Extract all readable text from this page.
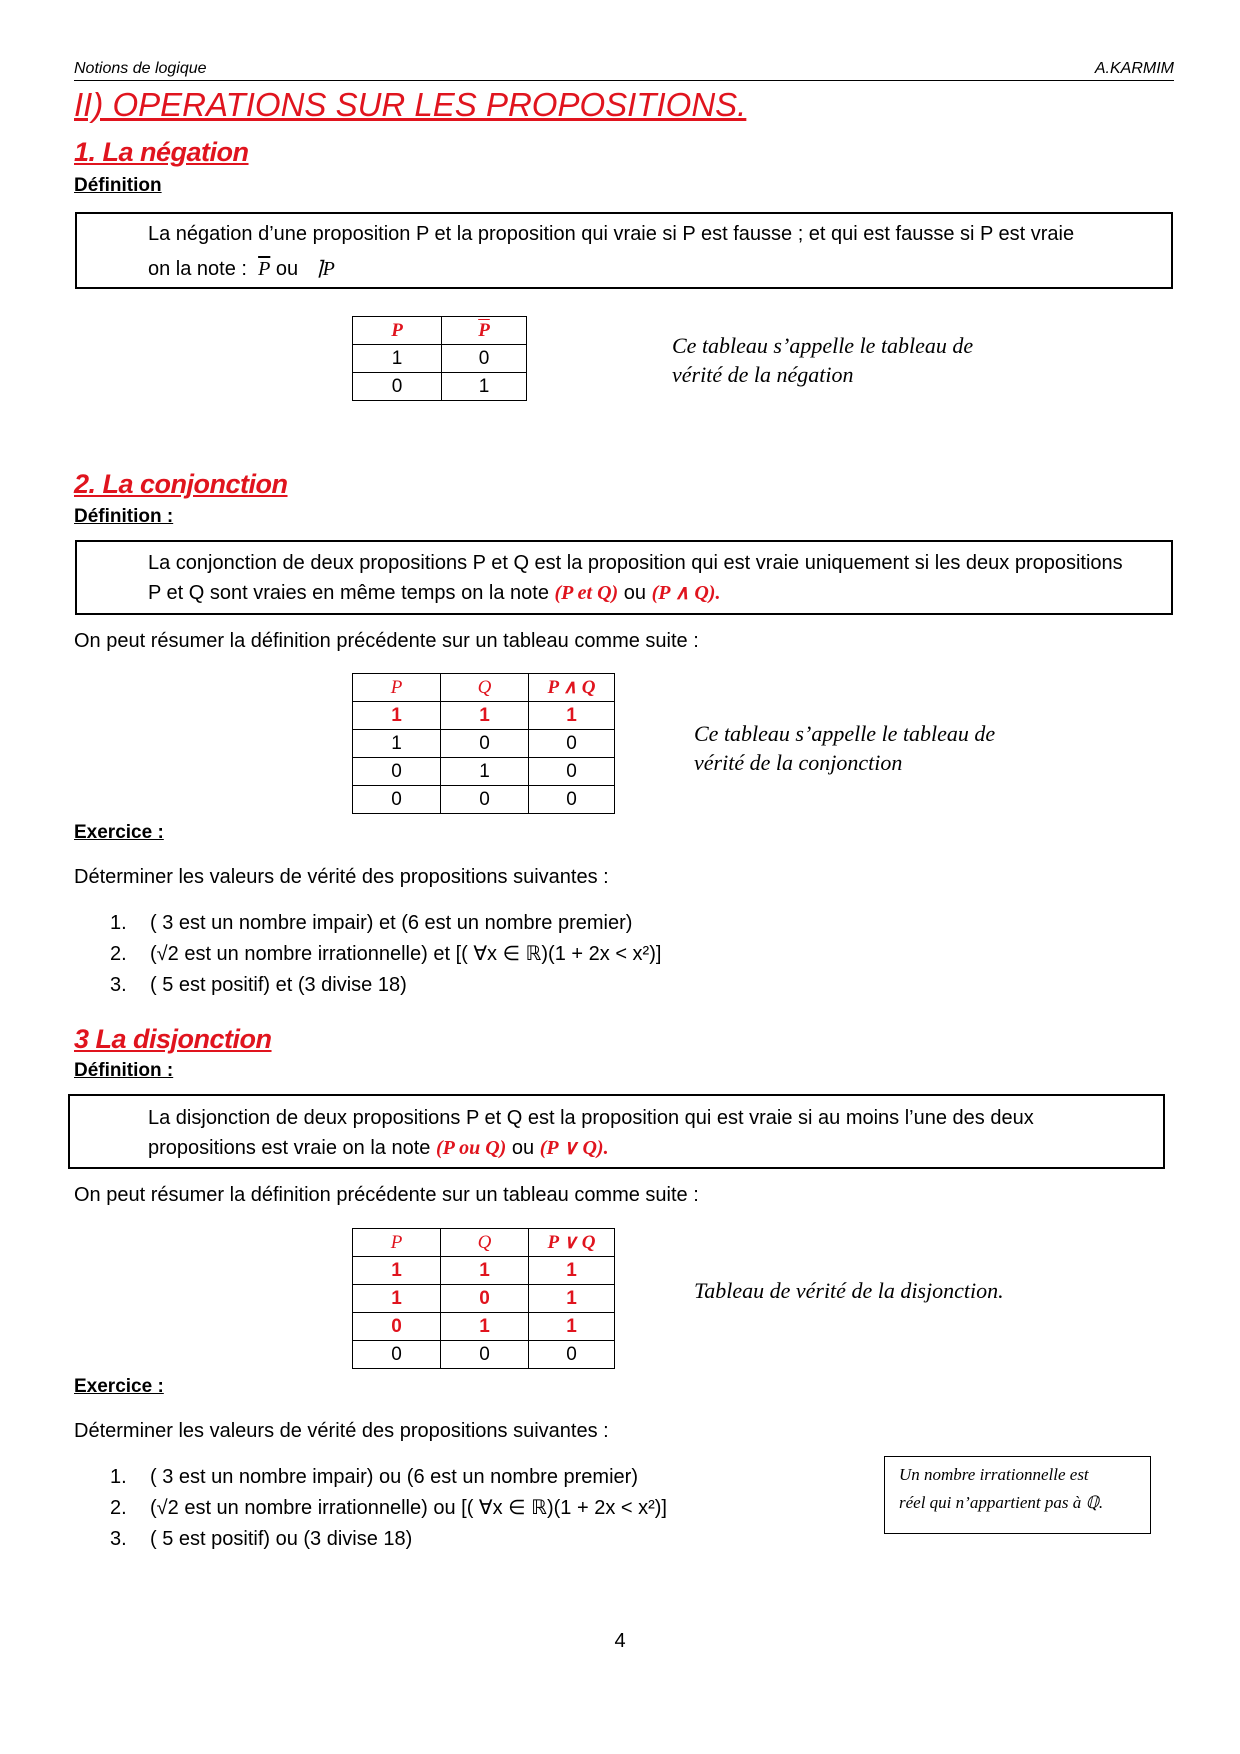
Notions de logique	A.KARMIM
II) OPERATIONS SUR LES PROPOSITIONS.
1. La négation
Définition

La négation d’une proposition P et la proposition qui vraie si P est fausse ; et qui est fausse si P est vraie

on la note : $\overline{P}$ ou ⌉P

P	$\overline{P}$
1	0
0	1
Ce tableau s’appelle le tableau de
vérité de la négation
2. La conjonction
Définition :

La conjonction de deux propositions P et Q est la proposition qui est vraie uniquement si les deux propositions

P et Q sont vraies en même temps on la note (P et Q) ou (P ∧ Q).

On peut résumer la définition précédente sur un tableau comme suite :
P	Q	P ∧ Q
1	1	1
1	0	0
0	1	0
0	0	0
Ce tableau s’appelle le tableau de
vérité de la conjonction
Exercice :
Déterminer les valeurs de vérité des propositions suivantes :
1. ( 3 est un nombre impair) et (6 est un nombre premier)
2. (√2 est un nombre irrationnelle) et [( ∀x ∈ ℝ)(1 + 2x < x²)]
3. ( 5 est positif) et (3 divise 18)
3 La disjonction
Définition :

La disjonction de deux propositions P et Q est la proposition qui est vraie si au moins l’une des deux

propositions est vraie on la note (P ou Q) ou (P ∨ Q).

On peut résumer la définition précédente sur un tableau comme suite :
P	Q	P ∨ Q
1	1	1
1	0	1
0	1	1
0	0	0
Tableau de vérité de la disjonction.
Exercice :
Déterminer les valeurs de vérité des propositions suivantes :
1. ( 3 est un nombre impair) ou (6 est un nombre premier)
2. (√2 est un nombre irrationnelle) ou [( ∀x ∈ ℝ)(1 + 2x < x²)]
3. ( 5 est positif) ou (3 divise 18)
Un nombre irrationnelle est
réel qui n’appartient pas à ℚ.
4
